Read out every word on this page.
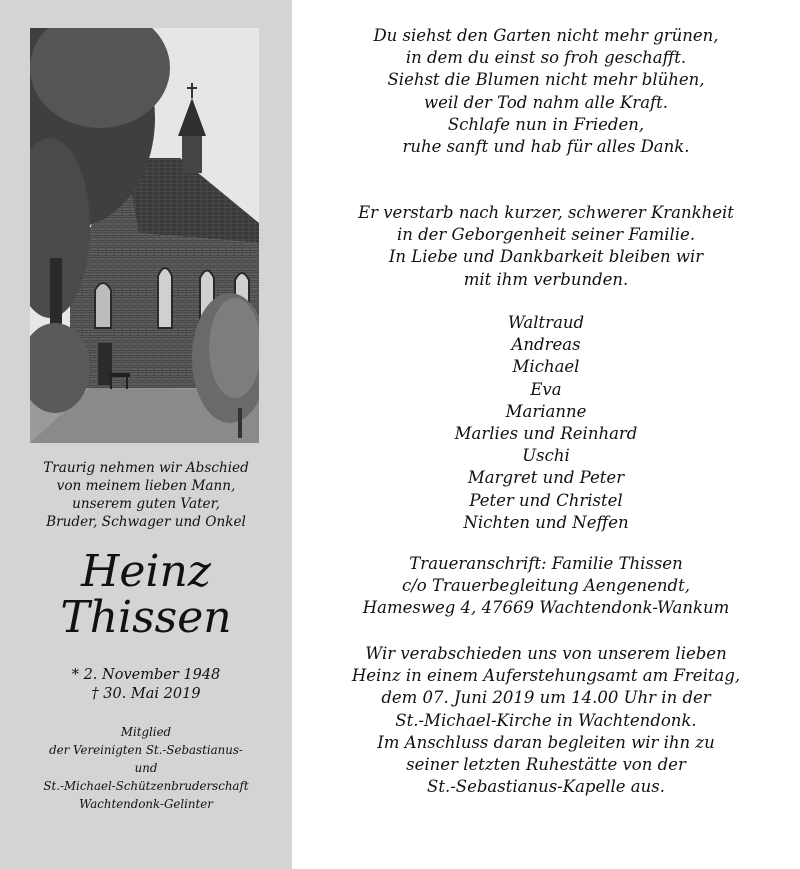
Traurig nehmen wir Abschied
von meinem lieben Mann,
unserem guten Vater,
Bruder, Schwager und Onkel
Heinz
Thissen
* 2. November 1948
† 30. Mai 2019
Mitglied
der Vereinigten St.-Sebastianus-
und
St.-Michael-Schützenbruderschaft
Wachtendonk-Gelinter
Du siehst den Garten nicht mehr grünen,
in dem du einst so froh geschafft.
Siehst die Blumen nicht mehr blühen,
weil der Tod nahm alle Kraft.
Schlafe nun in Frieden,
ruhe sanft und hab für alles Dank.
Er verstarb nach kurzer, schwerer Krankheit
in der Geborgenheit seiner Familie.
In Liebe und Dankbarkeit bleiben wir
mit ihm verbunden.
Waltraud
Andreas
Michael
Eva
Marianne
Marlies und Reinhard
Uschi
Margret und Peter
Peter und Christel
Nichten und Neffen
Traueranschrift: Familie Thissen
c/o Trauerbegleitung Aengenendt,
Hamesweg 4, 47669 Wachtendonk-Wankum
Wir verabschieden uns von unserem lieben
Heinz in einem Auferstehungsamt am Freitag,
dem 07. Juni 2019 um 14.00 Uhr in der
St.-Michael-Kirche in Wachtendonk.
Im Anschluss daran begleiten wir ihn zu
seiner letzten Ruhestätte von der
St.-Sebastianus-Kapelle aus.
